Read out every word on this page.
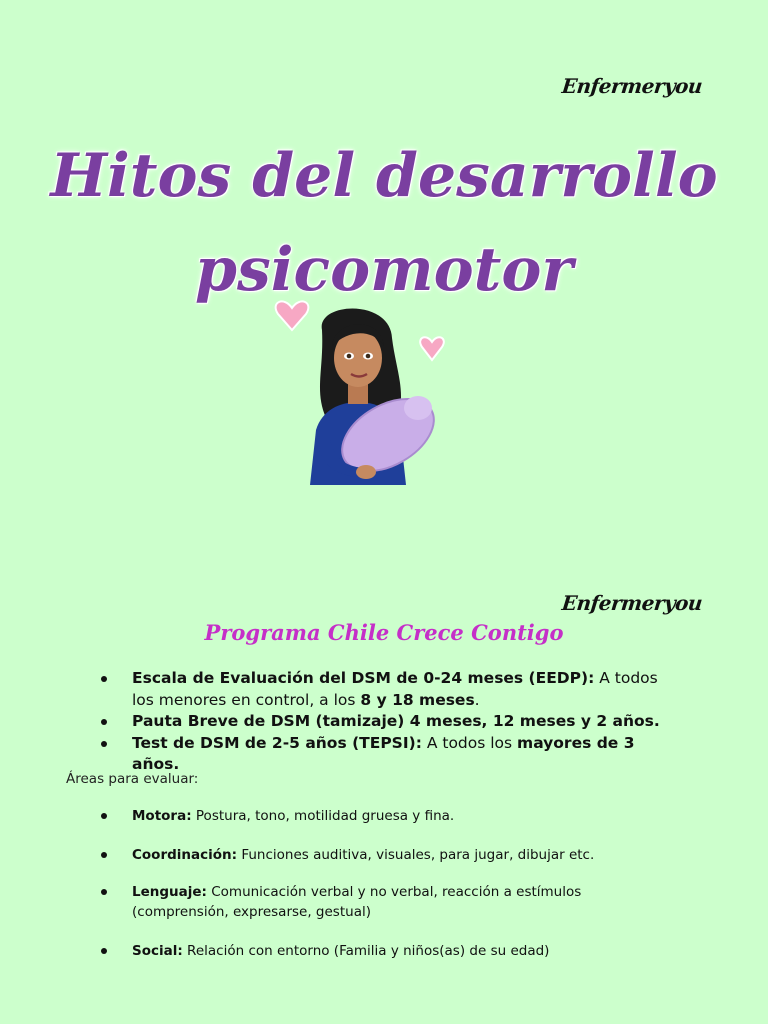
Enfermeryou
Hitos del desarrollo
psicomotor
Enfermeryou
Programa Chile Crece Contigo
Escala de Evaluación del DSM de 0-24 meses (EEDP): A todos los menores en control, a los 8 y 18 meses.
Pauta Breve de DSM (tamizaje) 4 meses, 12 meses y 2 años.
Test de DSM de 2-5 años (TEPSI): A todos los mayores de 3 años.

Áreas para evaluar:

Motora: Postura, tono, motilidad gruesa y fina.
Coordinación: Funciones auditiva, visuales, para jugar, dibujar etc.
Lenguaje: Comunicación verbal y no verbal, reacción a estímulos (comprensión, expresarse, gestual)
Social: Relación con entorno (Familia y niños(as) de su edad)
